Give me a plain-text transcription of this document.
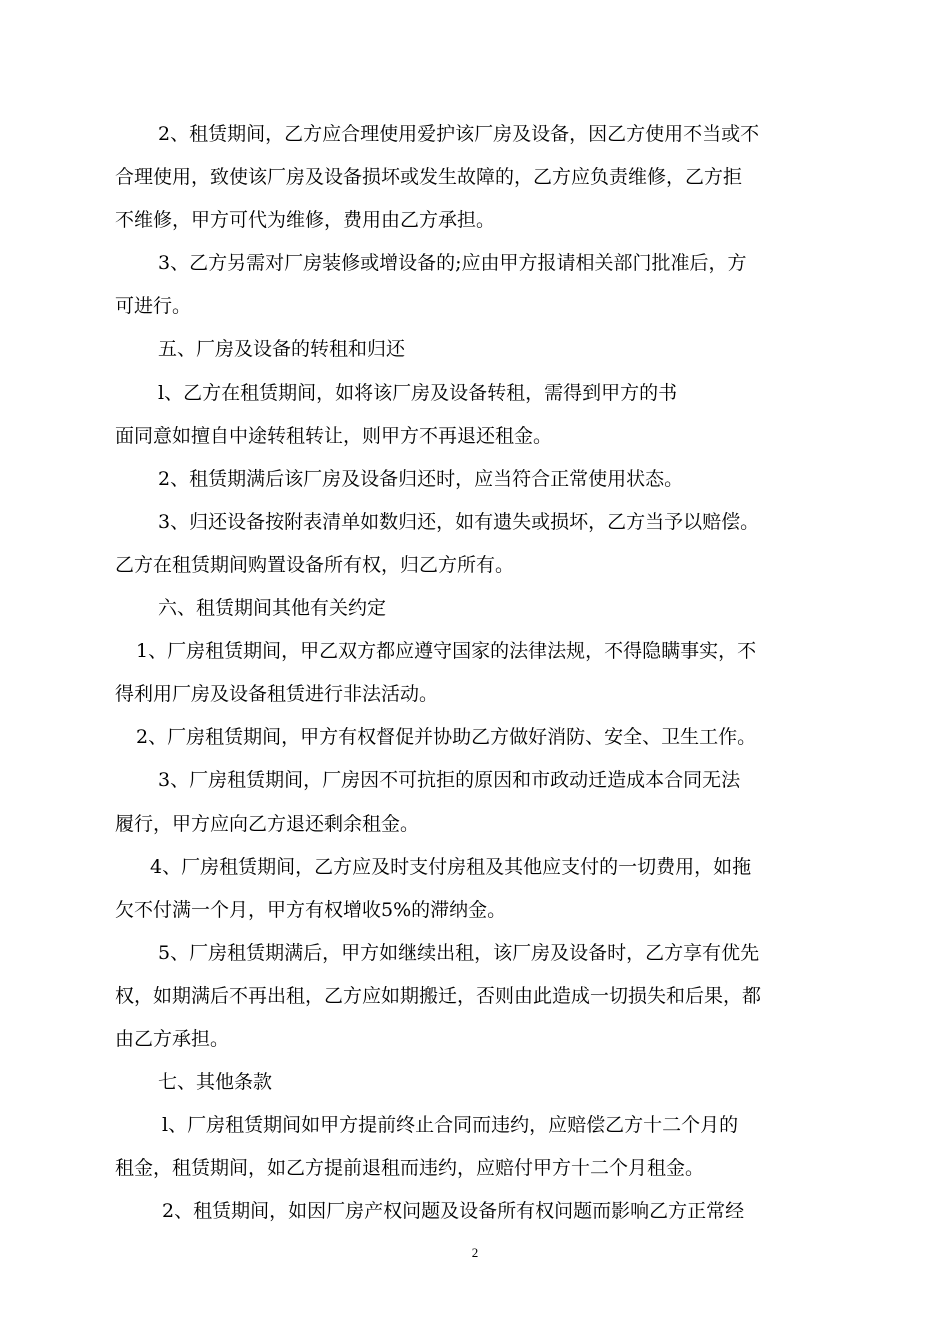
2、租赁期间，乙方应合理使用爱护该厂房及设备，因乙方使用不当或不
合理使用，致使该厂房及设备损坏或发生故障的，乙方应负责维修，乙方拒
不维修，甲方可代为维修，费用由乙方承担。

3、乙方另需对厂房装修或增设备的;应由甲方报请相关部门批准后，方
可进行。

五、厂房及设备的转租和归还

l、乙方在租赁期间，如将该厂房及设备转租，需得到甲方的书
面同意如擅自中途转租转让，则甲方不再退还租金。

2、租赁期满后该厂房及设备归还时，应当符合正常使用状态。

3、归还设备按附表清单如数归还，如有遗失或损坏，乙方当予以赔偿。
乙方在租赁期间购置设备所有权，归乙方所有。

六、租赁期间其他有关约定

1、厂房租赁期间，甲乙双方都应遵守国家的法律法规，不得隐瞒事实，不
得利用厂房及设备租赁进行非法活动。

2、厂房租赁期间，甲方有权督促并协助乙方做好消防、安全、卫生工作。

3、厂房租赁期间，厂房因不可抗拒的原因和市政动迁造成本合同无法
履行，甲方应向乙方退还剩余租金。

4、厂房租赁期间，乙方应及时支付房租及其他应支付的一切费用，如拖
欠不付满一个月，甲方有权增收5%的滞纳金。

5、厂房租赁期满后，甲方如继续出租，该厂房及设备时，乙方享有优先
权，如期满后不再出租，乙方应如期搬迁，否则由此造成一切损失和后果，都
由乙方承担。

七、其他条款

l、厂房租赁期间如甲方提前终止合同而违约，应赔偿乙方十二个月的
租金，租赁期间，如乙方提前退租而违约，应赔付甲方十二个月租金。

2、租赁期间，如因厂房产权问题及设备所有权问题而影响乙方正常经

2
